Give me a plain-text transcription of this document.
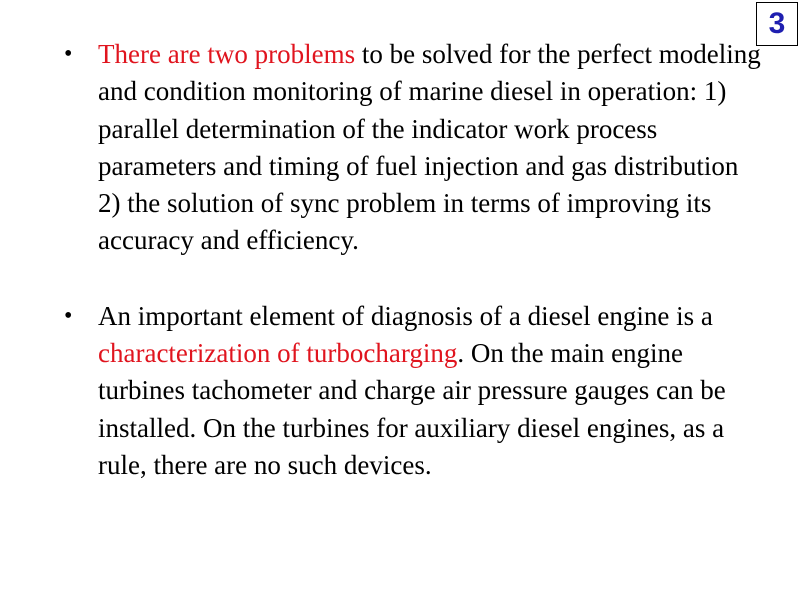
3
• There are two problems to be solved for the perfect modeling and condition monitoring of marine diesel in operation: 1) parallel determination of the indicator work process parameters and timing of fuel injection and gas distribution 2) the solution of sync problem in terms of improving its accuracy and efficiency.
• An important element of diagnosis of a diesel engine is a characterization of turbocharging. On the main engine turbines tachometer and charge air pressure gauges can be installed. On the turbines for auxiliary diesel engines, as a rule, there are no such devices.
